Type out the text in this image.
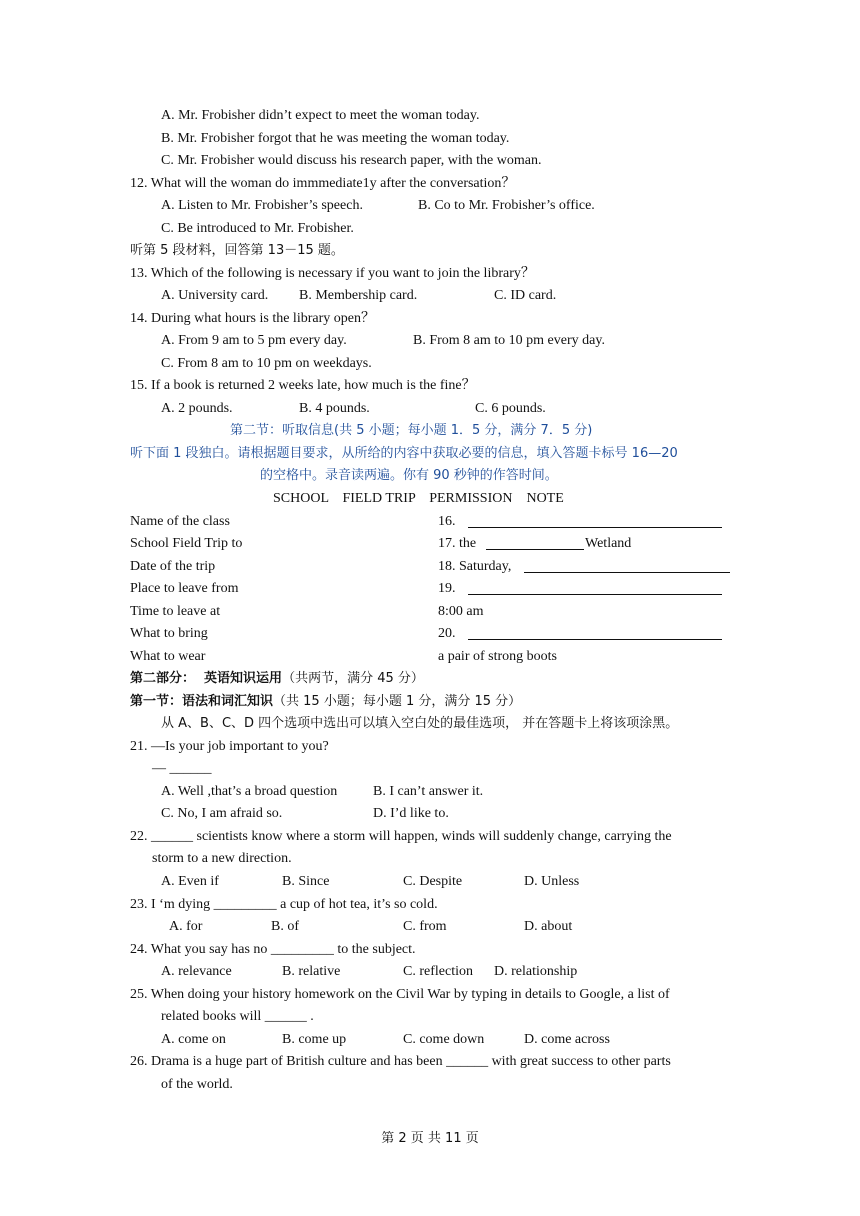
A. Mr. Frobisher didn’t expect to meet the woman today.
B. Mr. Frobisher forgot that he was meeting the woman today.
C. Mr. Frobisher would discuss his research paper, with the woman.
12. What will the woman do immmediate1y after the conversation？
A. Listen to Mr. Frobisher’s speech.	B. Co to Mr. Frobisher’s office.
C. Be introduced to Mr. Frobisher.
听第 5 段材料，回答第 13－15 题。
13. Which of the following is necessary if you want to join the library？
A. University card. B. Membership card.	C. ID card.
14. During what hours is the library open？
A. From 9 am to 5 pm every day.	B. From 8 am to 10 pm every day.
C. From 8 am to 10 pm on weekdays.
15. If a book is returned 2 weeks late, how much is the fine？
A. 2 pounds.	B. 4 pounds.	C. 6 pounds.
第二节：听取信息(共 5 小题；每小题 1．5 分，满分 7．5 分)
听下面 1 段独白。请根据题目要求，从所给的内容中获取必要的信息，填入答题卡标号 16—20
的空格中。录音读两遍。你有 90 秒钟的作答时间。
SCHOOL    FIELD TRIP    PERMISSION    NOTE
Name of the class	16.
School Field Trip to	17. the	Wetland
Date of the trip	18. Saturday,
Place to leave from	19.
Time to leave at	8:00 am
What to bring	20.
What to wear	a pair of strong boots
第二部分：  英语知识运用（共两节，满分 45 分）
第一节：语法和词汇知识（共 15 小题；每小题 1 分，满分 15 分）
从 A、B、C、D 四个选项中选出可以填入空白处的最佳选项， 并在答题卡上将该项涂黑。
21. —Is your job important to you?
— ______
A. Well ,that’s a broad question	B. I can’t answer it.
C. No, I am afraid so.	D. I’d like to.
22. ______ scientists know where a storm will happen, winds will suddenly change, carrying the
storm to a new direction.
A. Even if	B. Since	C. Despite	D. Unless
23. I ‘m dying _________ a cup of hot tea, it’s so cold.
A. for	B. of	C. from	D. about
24. What you say has no _________ to the subject.
A. relevance	B. relative	C. reflection D. relationship
25. When doing your history homework on the Civil War by typing in details to Google, a list of
related books will ______ .
A. come on	B. come up	C. come down	D. come across
26. Drama is a huge part of British culture and has been ______ with great success to other parts
of the world.
第 2 页 共 11 页
